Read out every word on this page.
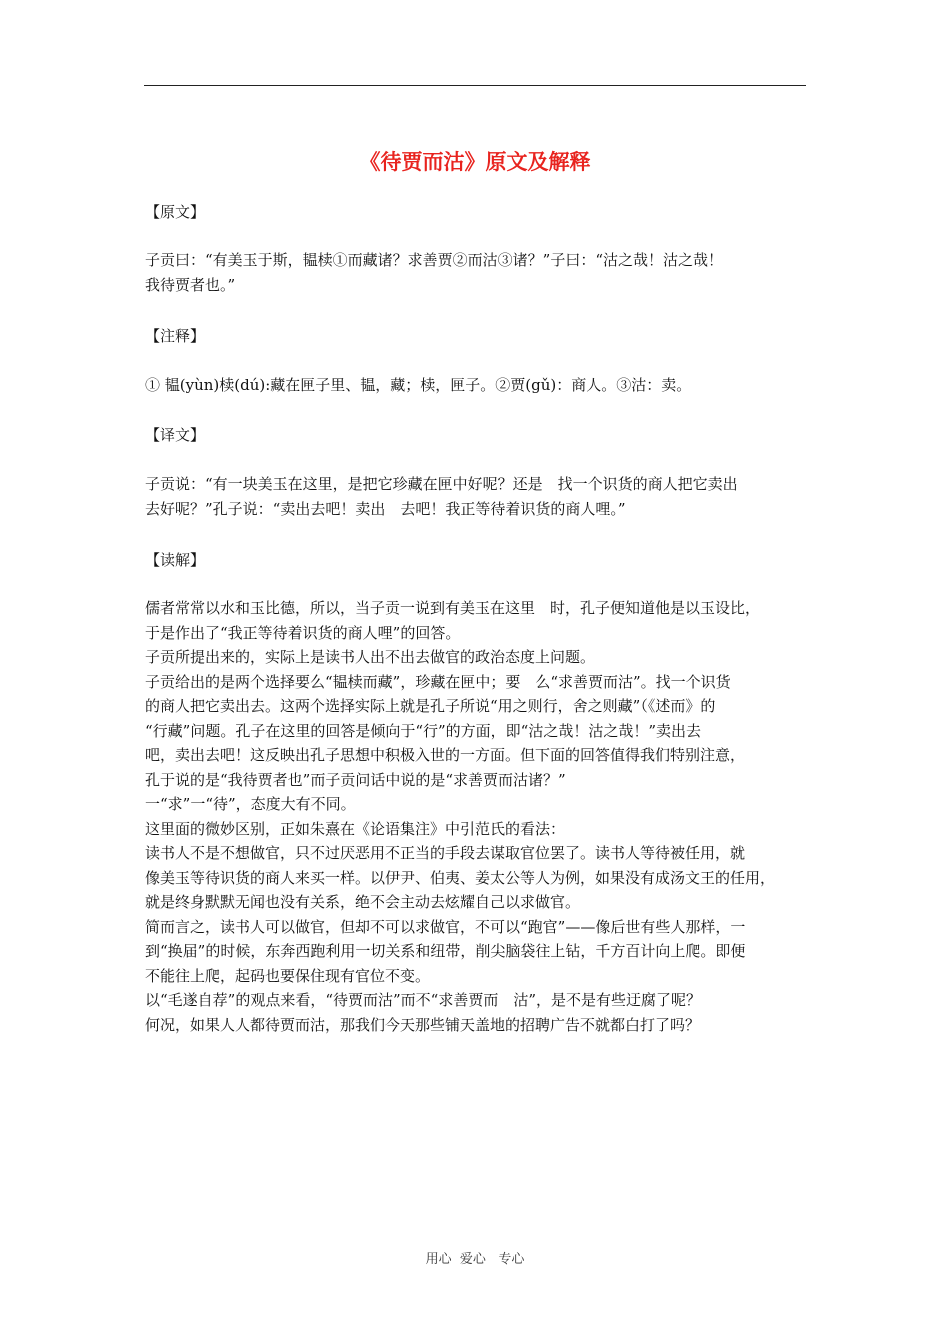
《待贾而沽》原文及解释
【原文】
子贡曰：“有美玉于斯，韫椟①而藏诸？求善贾②而沽③诸？”子曰：“沽之哉！沽之哉！
我待贾者也。”
【注释】
① 韫(yùn)椟(dú):藏在匣子里、韫，藏；椟，匣子。②贾(gǔ)：商人。③沽：卖。
【译文】
子贡说：“有一块美玉在这里，是把它珍藏在匣中好呢？还是　找一个识货的商人把它卖出
去好呢？”孔子说：“卖出去吧！卖出　去吧！我正等待着识货的商人哩。”
【读解】
儒者常常以水和玉比德，所以，当子贡一说到有美玉在这里　时，孔子便知道他是以玉设比，
于是作出了“我正等待着识货的商人哩”的回答。
子贡所提出来的，实际上是读书人出不出去做官的政治态度上问题。
子贡给出的是两个选择要么“韫椟而藏”，珍藏在匣中；要　么“求善贾而沽”。找一个识货
的商人把它卖出去。这两个选择实际上就是孔子所说“用之则行，舍之则藏”（《述而》的
“行藏”问题。孔子在这里的回答是倾向于“行”的方面，即“沽之哉！沽之哉！”卖出去
吧，卖出去吧！这反映出孔子思想中积极入世的一方面。但下面的回答值得我们特别注意，
孔于说的是“我待贾者也”而子贡问话中说的是“求善贾而沽诸？”
一“求”一“待”，态度大有不同。
这里面的微妙区别，正如朱熹在《论语集注》中引范氏的看法：
读书人不是不想做官，只不过厌恶用不正当的手段去谋取官位罢了。读书人等待被任用，就
像美玉等待识货的商人来买一样。以伊尹、伯夷、姜太公等人为例，如果没有成汤文王的任用，
就是终身默默无闻也没有关系，绝不会主动去炫耀自己以求做官。
简而言之，读书人可以做官，但却不可以求做官，不可以“跑官”——像后世有些人那样，一
到“换届”的时候，东奔西跑利用一切关系和纽带，削尖脑袋往上钻，千方百计向上爬。即便
不能往上爬，起码也要保住现有官位不变。
以“毛遂自荐”的观点来看，“待贾而沽”而不“求善贾而　沽”，是不是有些迂腐了呢？
何况，如果人人都待贾而沽，那我们今天那些铺天盖地的招聘广告不就都白打了吗？
用心  爱心   专心
